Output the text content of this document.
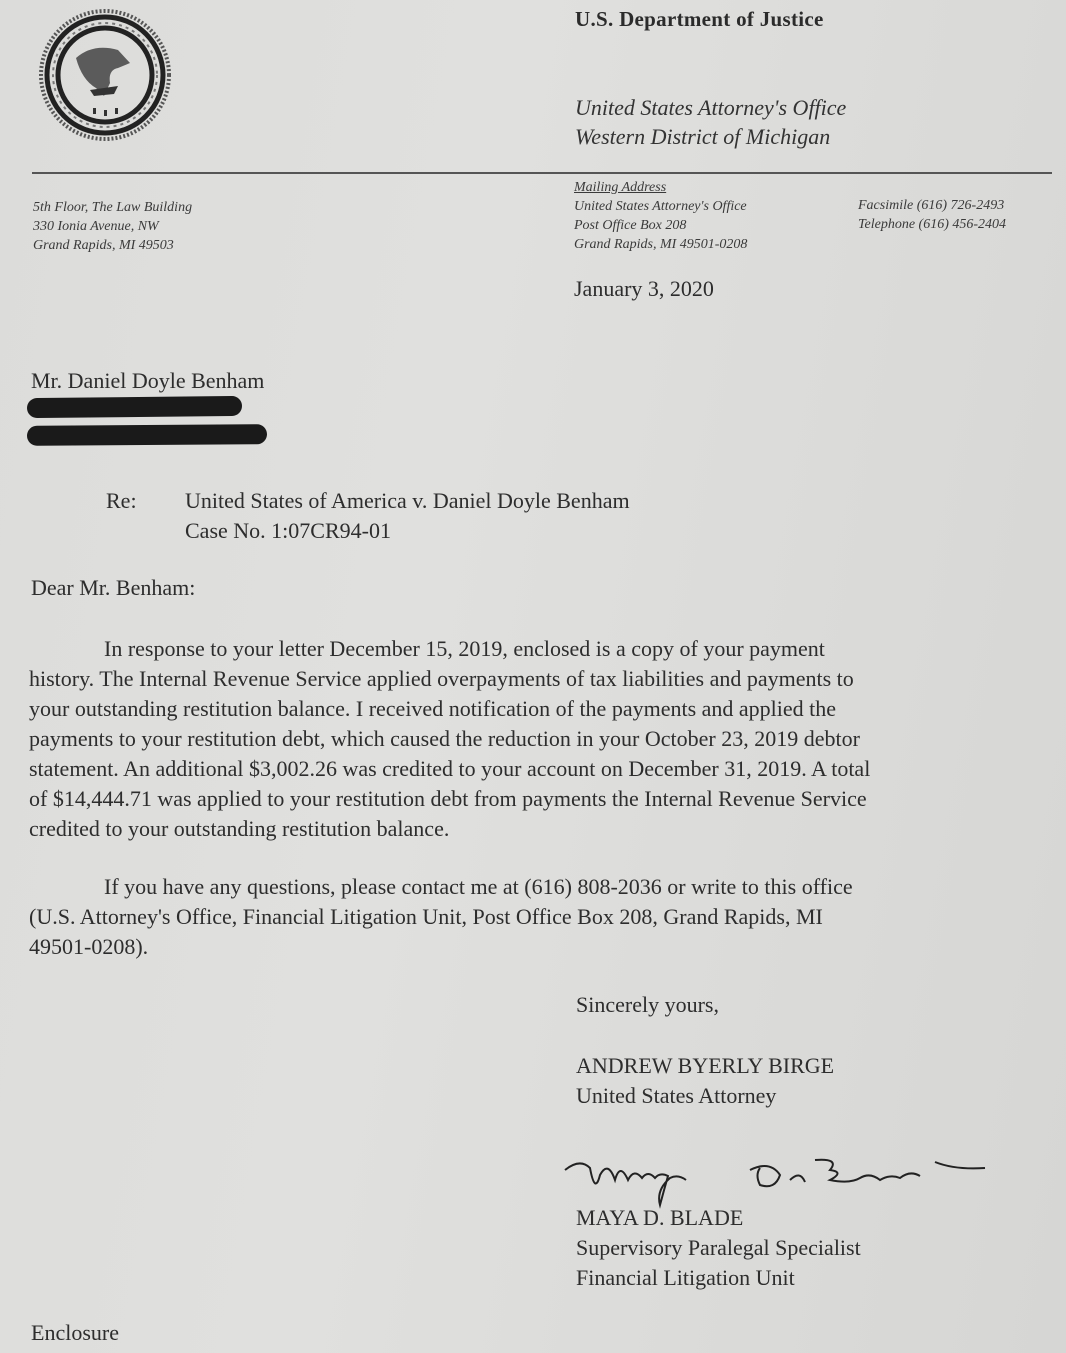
U.S. Department of Justice
United States Attorney's Office
Western District of Michigan
5th Floor, The Law Building
330 Ionia Avenue, NW
Grand Rapids, MI 49503
Mailing Address
United States Attorney's Office
Post Office Box 208
Grand Rapids, MI 49501-0208
Facsimile (616) 726-2493
Telephone (616) 456-2404
January 3, 2020
Mr. Daniel Doyle Benham
Re: United States of America v. Daniel Doyle Benham
Case No. 1:07CR94-01
Dear Mr. Benham:
In response to your letter December 15, 2019, enclosed is a copy of your payment
history. The Internal Revenue Service applied overpayments of tax liabilities and payments to
your outstanding restitution balance. I received notification of the payments and applied the
payments to your restitution debt, which caused the reduction in your October 23, 2019 debtor
statement. An additional $3,002.26 was credited to your account on December 31, 2019. A total
of $14,444.71 was applied to your restitution debt from payments the Internal Revenue Service
credited to your outstanding restitution balance.
If you have any questions, please contact me at (616) 808-2036 or write to this office
(U.S. Attorney's Office, Financial Litigation Unit, Post Office Box 208, Grand Rapids, MI
49501-0208).
Sincerely yours,
ANDREW BYERLY BIRGE
United States Attorney
MAYA D. BLADE
Supervisory Paralegal Specialist
Financial Litigation Unit
Enclosure
